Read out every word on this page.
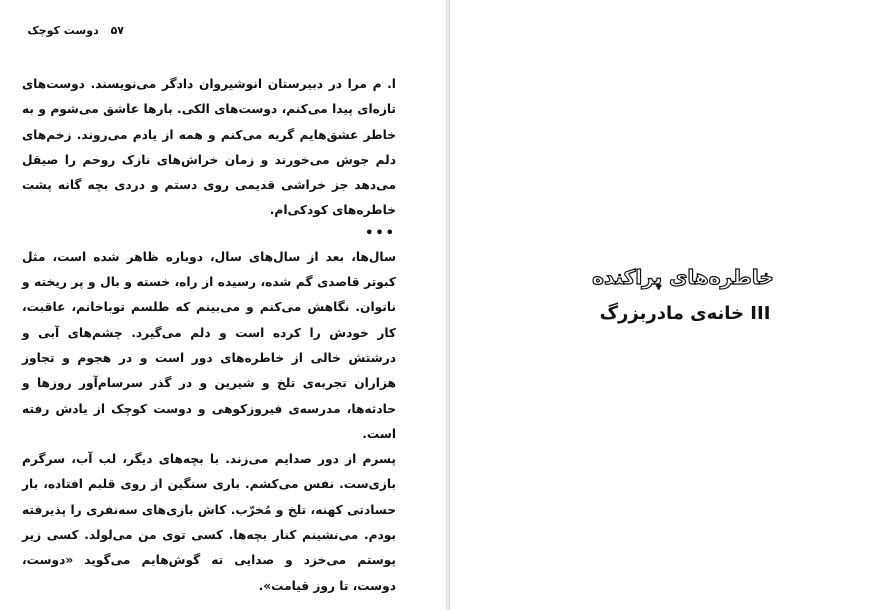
۵۷ دوست کوچک

ا. م مرا در دبیرستان انوشیروان دادگر می‌نویسند. دوست‌های تازه‌ای پیدا می‌کنم، دوست‌های الکی. بارها عاشق می‌شوم و به خاطر عشق‌هایم گریه می‌کنم و همه از یادم می‌روند. زخم‌های دلم جوش می‌خورند و زمان خراش‌های نازک روحم را صیقل می‌دهد جز خراشی قدیمی روی دستم و دردی بچه گانه پشت خاطره‌های کودکی‌ام.

•••

سال‌ها، بعد از سال‌های سال، دوباره ظاهر شده است، مثل کبوتر قاصدی گم شده، رسیده از راه، خسته و بال و پر ریخته و ناتوان. نگاهش می‌کنم و می‌بینم که طلسم توباخانم، عاقبت، کار خودش را کرده است و دلم می‌گیرد. چشم‌های آبی و درشتش خالی از خاطره‌های دور است و در هجوم و تجاوز هزاران تجربه‌ی تلخ و شیرین و در گذر سرسام‌آور روزها و حادثه‌ها، مدرسه‌ی فیروزکوهی و دوست کوچک از یادش رفته است.

پسرم از دور صدایم می‌زند. با بچه‌های دیگر، لب آب، سرگرم بازی‌ست. نفس می‌کشم. باری سنگین از روی قلبم افتاده، بار حسادتی کهنه، تلخ و مُخرّب. کاش بازی‌های سه‌نفری را پذیرفته بودم. می‌نشینم کنار بچه‌ها. کسی توی من می‌لولد. کسی زیر پوستم می‌خزد و صدایی ته گوش‌هایم می‌گوید «دوست، دوست، تا روز قیامت».

خاطره‌های پراکنده
III خانه‌ی مادربزرگ
